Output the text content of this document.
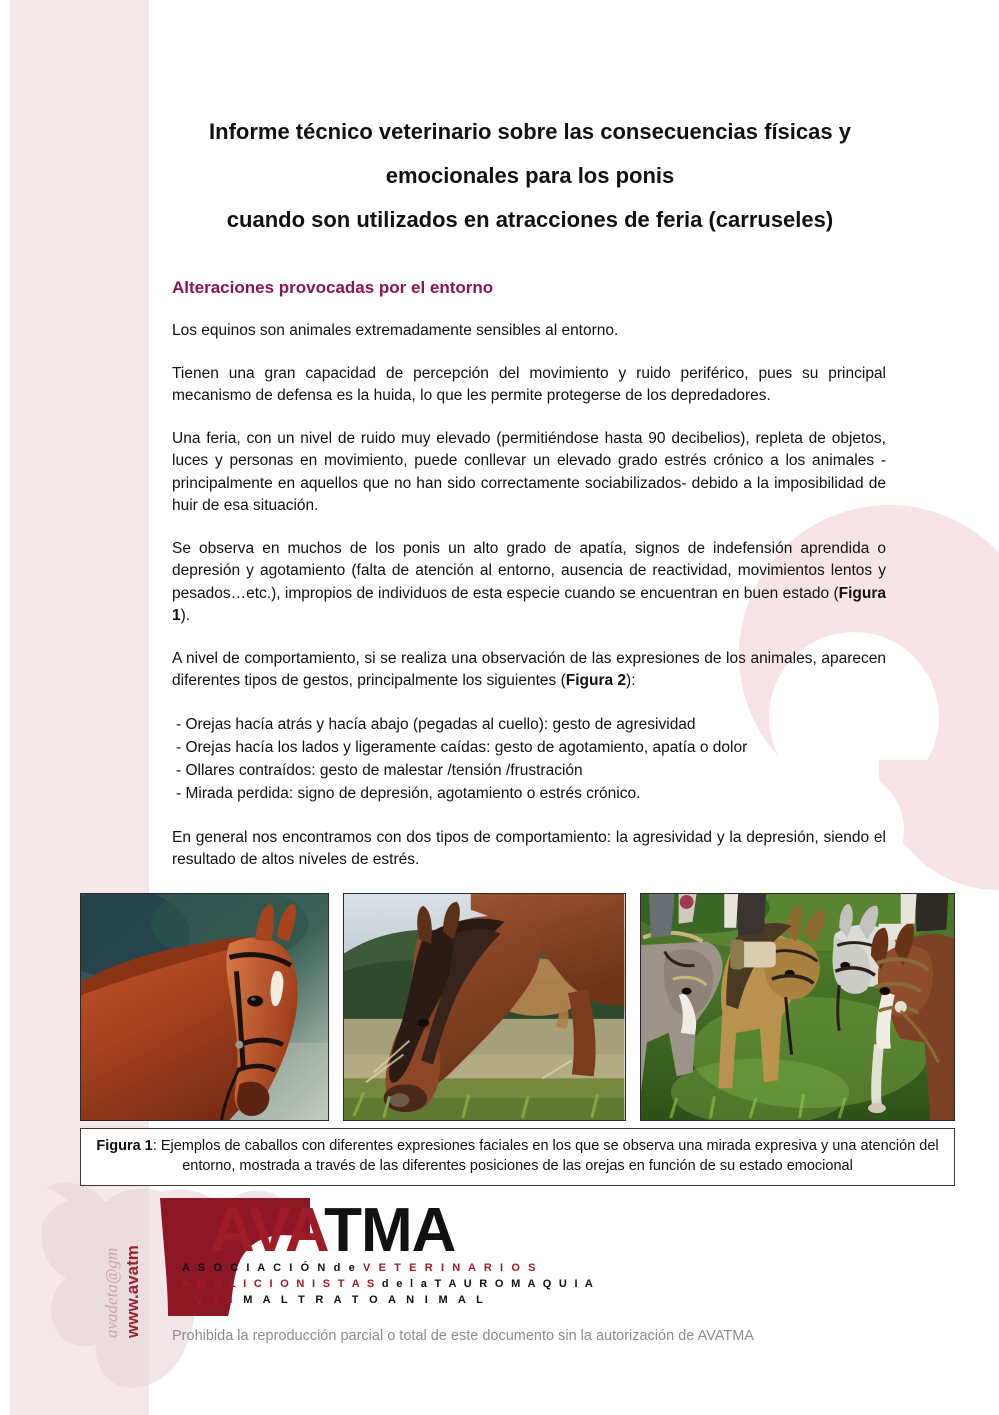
Informe técnico veterinario sobre las consecuencias físicas y
emocionales para los ponis
cuando son utilizados en atracciones de feria (carruseles)
Alteraciones provocadas por el entorno

Los equinos son animales extremadamente sensibles al entorno.

Tienen una gran capacidad de percepción del movimiento y ruido periférico, pues su principal mecanismo de defensa es la huida, lo que les permite protegerse de los depredadores.

Una feria, con un nivel de ruido muy elevado (permitiéndose hasta 90 decibelios), repleta de objetos, luces y personas en movimiento, puede conllevar un elevado grado estrés crónico a los animales -principalmente en aquellos que no han sido correctamente sociabilizados- debido a la imposibilidad de huir de esa situación.

Se observa en muchos de los ponis un alto grado de apatía, signos de indefensión aprendida o depresión y agotamiento (falta de atención al entorno, ausencia de reactividad, movimientos lentos y pesados…etc.), impropios de individuos de esta especie cuando se encuentran en buen estado (Figura 1).

A nivel de comportamiento, si se realiza una observación de las expresiones de los animales, aparecen diferentes tipos de gestos, principalmente los siguientes (Figura 2):

- Orejas hacía atrás y hacía abajo (pegadas al cuello): gesto de agresividad
- Orejas hacía los lados y ligeramente caídas: gesto de agotamiento, apatía o dolor
- Ollares contraídos: gesto de malestar /tensión /frustración
- Mirada perdida: signo de depresión, agotamiento o estrés crónico.

En general nos encontramos con dos tipos de comportamiento: la agresividad y la depresión, siendo el resultado de altos niveles de estrés.

Figura 1: Ejemplos de caballos con diferentes expresiones faciales en los que se observa una mirada expresiva y una atención del entorno, mostrada a través de las diferentes posiciones de las orejas en función de su estado emocional
AVATMA
A S O C I A C I Ó N d e V E T E R I N A R I O S
A B O L I C I O N I S T A S d e l a T A U R O M A Q U I A
y e l M A L T R A T O A N I M A L
avadeta@gm www.avatm Prohibida la reproducción parcial o total de este documento sin la autorización de AVATMA
